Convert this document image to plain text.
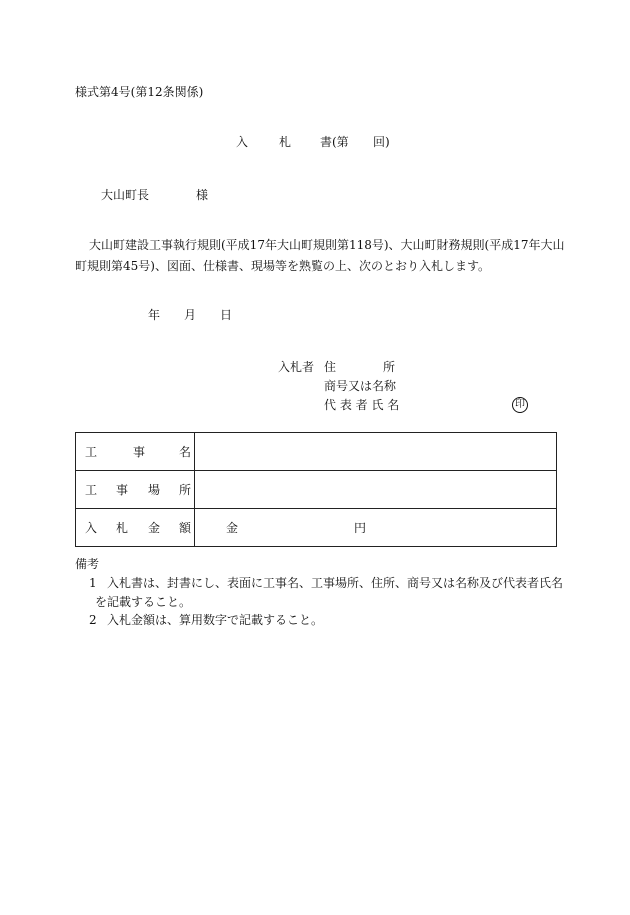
様式第4号(第12条関係)
入	札 書(第 回)
大山町長	様
大山町建設工事執行規則(平成17年大山町規則第118号)、大山町財務規則(平成17年大山
町規則第45号)、図面、仕様書、現場等を熟覧の上、次のとおり入札します。
年 月 日
入札者 住	所
商号又は名称
代 表 者 氏 名	印
工 事 名	

工 事 場 所	

入 札 金 額	金 円
備考
1 入札書は、封書にし、表面に工事名、工事場所、住所、商号又は名称及び代表者氏名
を記載すること。
2 入札金額は、算用数字で記載すること。
